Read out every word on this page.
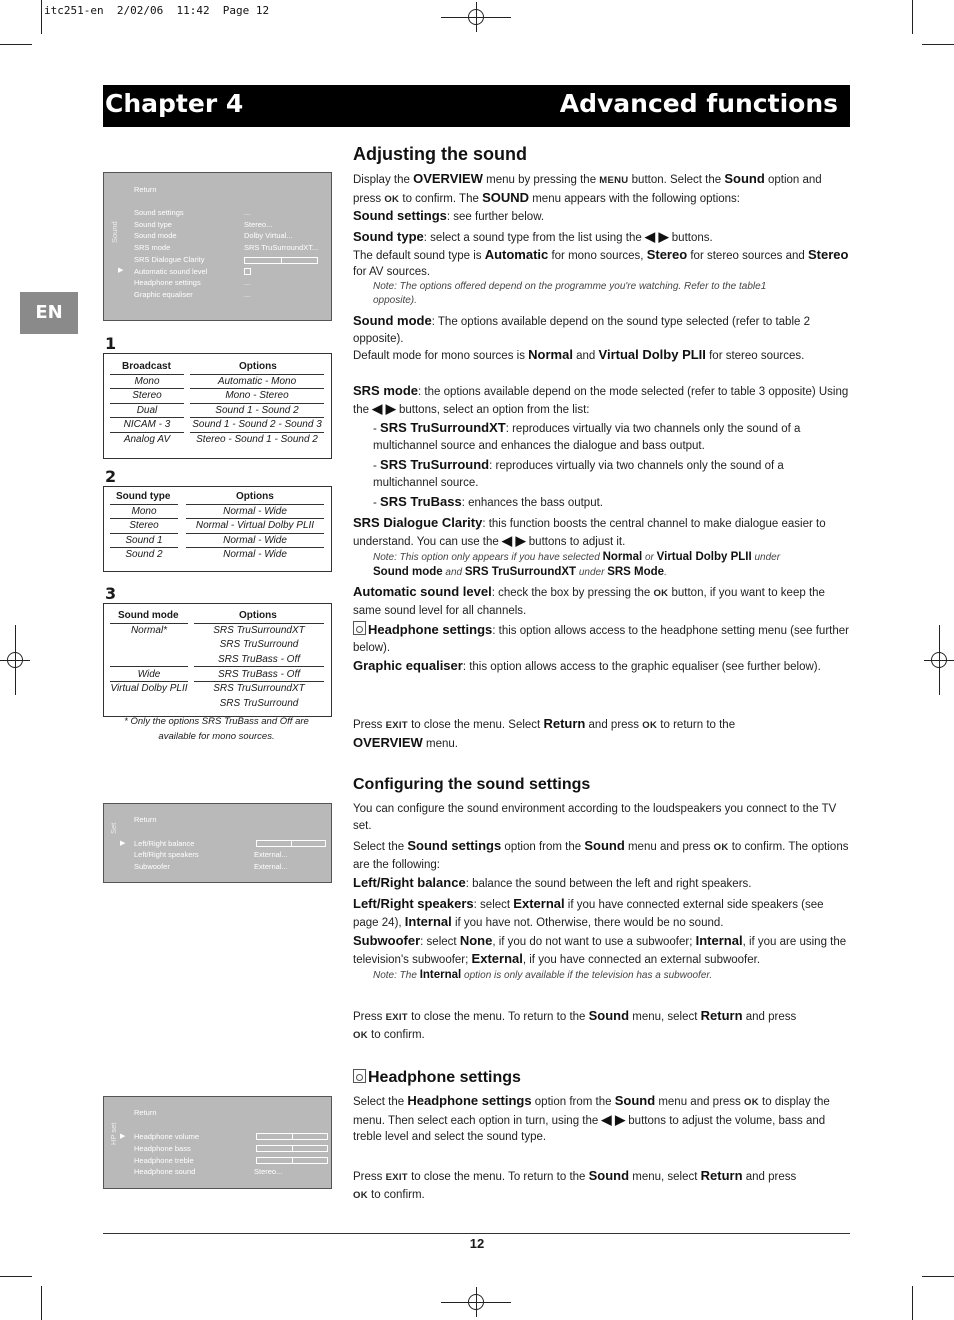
itc251-en  2/02/06  11:42  Page 12
Chapter 4	Advanced functions
EN
Sound
Return
Sound settings	...
Sound type	Stereo...
Sound mode	Dolby Virtual...
SRS mode	SRS TruSurroundXT...
SRS Dialogue Clarity
▶ Automatic sound level
Headphone settings	...
Graphic equaliser	...
1
Broadcast	Options
Mono	Automatic - Mono
Stereo	Mono - Stereo
Dual	Sound 1 - Sound 2
NICAM - 3	Sound 1 - Sound 2 - Sound 3
Analog AV	Stereo - Sound 1 - Sound 2
2
Sound type	Options
Mono	Normal - Wide
Stereo	Normal - Virtual Dolby PLII
Sound 1	Normal - Wide
Sound 2	Normal - Wide
3
Sound mode	Options
Normal*	SRS TruSurroundXT
SRS TruSurround
SRS TruBass - Off
Wide	SRS TruBass - Off
Virtual Dolby PLII	SRS TruSurroundXT
SRS TruSurround
* Only the options SRS TruBass and Off are
available for mono sources.
Set
Return
▶ Left/Right balance
Left/Right speakers	External...
Subwoofer	External...
HP set
Return
▶ Headphone volume
Headphone bass
Headphone treble
Headphone sound	Stereo...
Adjusting the sound
Display the OVERVIEW menu by pressing the MENU button. Select the Sound option and press OK to confirm. The SOUND menu appears with the following options:
Sound settings: see further below.
Sound type: select a sound type from the list using the ◀ ▶ buttons.
The default sound type is Automatic for mono sources, Stereo for stereo sources and Stereo for AV sources.
Note: The options offered depend on the programme you're watching. Refer to the table1 opposite).
Sound mode: The options available depend on the sound type selected (refer to table 2 opposite).
Default mode for mono sources is Normal and Virtual Dolby PLII for stereo sources.
SRS mode: the options available depend on the mode selected (refer to table 3 opposite) Using the ◀ ▶ buttons, select an option from the list:
- SRS TruSurroundXT: reproduces virtually via two channels only the sound of a multichannel source and enhances the dialogue and bass output.
- SRS TruSurround: reproduces virtually via two channels only the sound of a multichannel source.
- SRS TruBass: enhances the bass output.
SRS Dialogue Clarity: this function boosts the central channel to make dialogue easier to understand. You can use the ◀ ▶ buttons to adjust it.
Note: This option only appears if you have selected Normal or Virtual Dolby PLII under
Sound mode and SRS TruSurroundXT under SRS Mode.
Automatic sound level: check the box by pressing the OK button, if you want to keep the same sound level for all channels.
Headphone settings: this option allows access to the headphone setting menu (see further below).
Graphic equaliser: this option allows access to the graphic equaliser (see further below).
Press EXIT to close the menu. Select Return and press OK to return to the
OVERVIEW menu.
Configuring the sound settings
You can configure the sound environment according to the loudspeakers you connect to the TV set.
Select the Sound settings option from the Sound menu and press OK to confirm. The options are the following:
Left/Right balance: balance the sound between the left and right speakers.
Left/Right speakers: select External if you have connected external side speakers (see page 24), Internal if you have not. Otherwise, there would be no sound.
Subwoofer: select None, if you do not want to use a subwoofer; Internal, if you are using the television's subwoofer; External, if you have connected an external subwoofer.
Note: The Internal option is only available if the television has a subwoofer.
Press EXIT to close the menu. To return to the Sound menu, select Return and press
OK to confirm.
Headphone settings
Select the Headphone settings option from the Sound menu and press OK to display the menu. Then select each option in turn, using the ◀ ▶ buttons to adjust the volume, bass and treble level and select the sound type.
Press EXIT to close the menu. To return to the Sound menu, select Return and press
OK to confirm.
12
